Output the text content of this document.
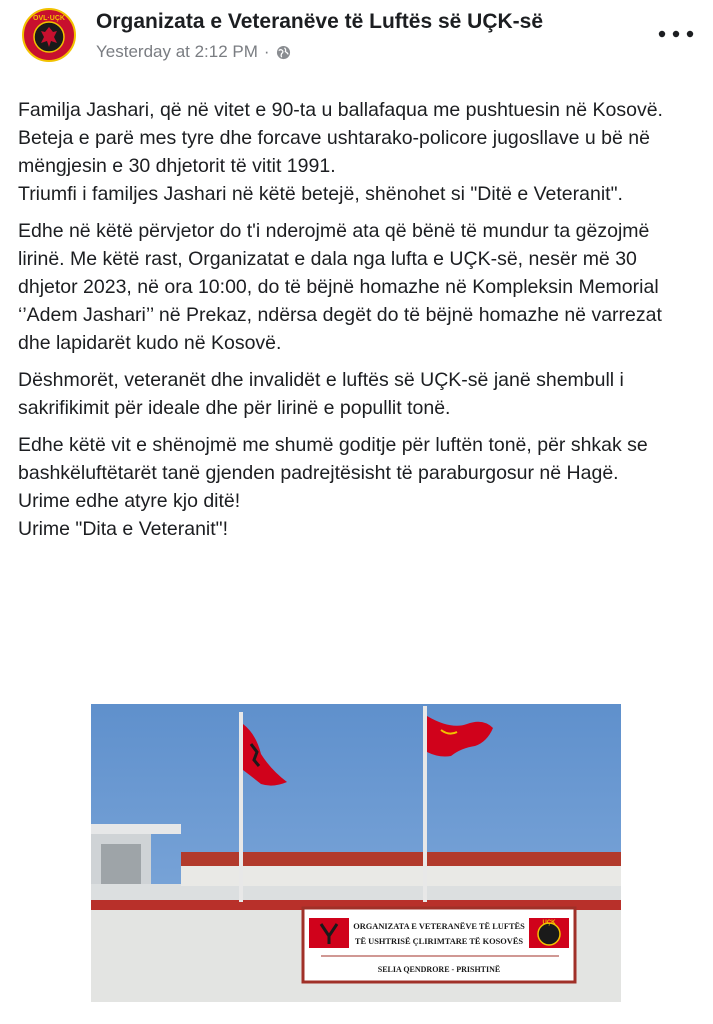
OVL·UÇK Organizata e Veteranëve të Luftës së UÇK-së
Yesterday at 2:12 PM ·

Familja Jashari, që në vitet e 90-ta u ballafaqua me pushtuesin në Kosovë. Beteja e parë mes tyre dhe forcave ushtarako-policore jugosllave u bë në mëngjesin e 30 dhjetorit të vitit 1991.
Triumfi i familjes Jashari në këtë betejë, shënohet si "Ditë e Veteranit".

Edhe në këtë përvjetor do t'i nderojmë ata që bënë të mundur ta gëzojmë lirinë. Me këtë rast, Organizatat e dala nga lufta e UÇK-së, nesër më 30 dhjetor 2023, në ora 10:00, do të bëjnë homazhe në Kompleksin Memorial ‘’Adem Jashari’’ në Prekaz, ndërsa degët do të bëjnë homazhe në varrezat dhe lapidarët kudo në Kosovë.

Dëshmorët, veteranët dhe invalidët e luftës së UÇK-së janë shembull i sakrifikimit për ideale dhe për lirinë e popullit tonë.

Edhe këtë vit e shënojmë me shumë goditje për luftën tonë, për shkak se bashkëluftëtarët tanë gjenden padrejtësisht të paraburgosur në Hagë.
Urime edhe atyre kjo ditë!
Urime "Dita e Veteranit"!

UÇK
ORGANIZATA E VETERANËVE TË LUFTËS
TË USHTRISË ÇLIRIMTARE TË KOSOVËS
SELIA QENDRORE - PRISHTINË
